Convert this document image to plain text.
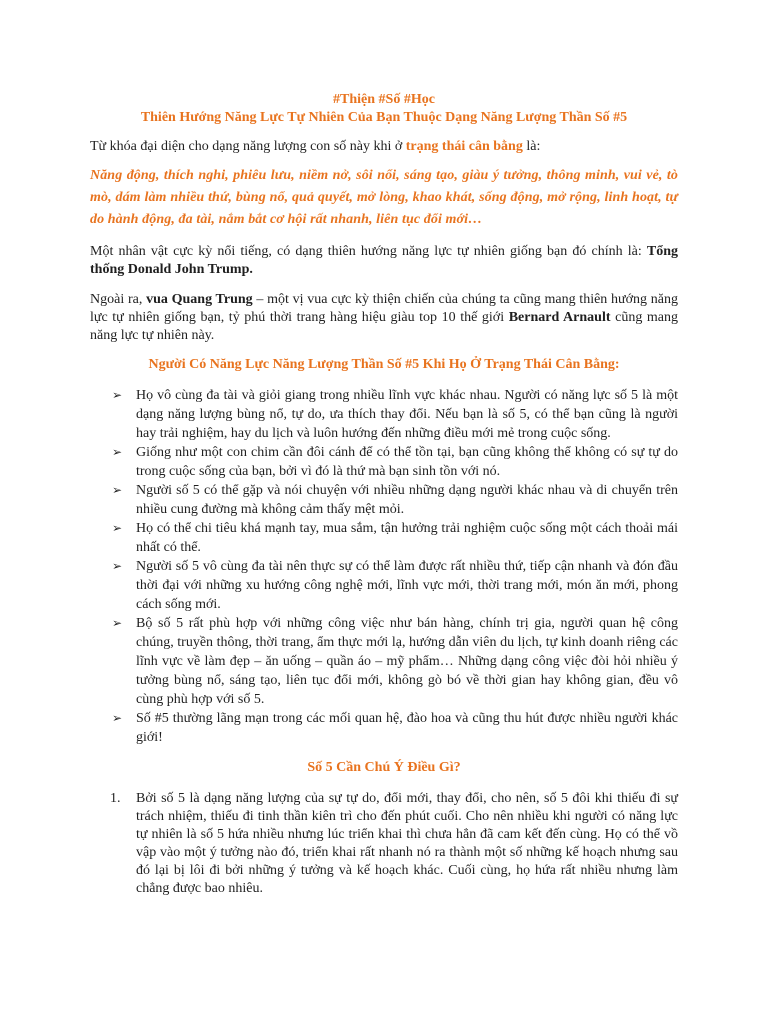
#Thiện #Số #Học
Thiên Hướng Năng Lực Tự Nhiên Của Bạn Thuộc Dạng Năng Lượng Thần Số #5

Từ khóa đại diện cho dạng năng lượng con số này khi ở trạng thái cân bằng là:

Năng động, thích nghi, phiêu lưu, niềm nở, sôi nổi, sáng tạo, giàu ý tưởng, thông minh, vui vẻ, tò mò, dám làm nhiều thứ, bùng nổ, quả quyết, mở lòng, khao khát, sống động, mở rộng, linh hoạt, tự do hành động, đa tài, nắm bắt cơ hội rất nhanh, liên tục đổi mới…

Một nhân vật cực kỳ nổi tiếng, có dạng thiên hướng năng lực tự nhiên giống bạn đó chính là: Tổng thống Donald John Trump.

Ngoài ra, vua Quang Trung – một vị vua cực kỳ thiện chiến của chúng ta cũng mang thiên hướng năng lực tự nhiên giống bạn, tỷ phú thời trang hàng hiệu giàu top 10 thế giới Bernard Arnault cũng mang năng lực tự nhiên này.

Người Có Năng Lực Năng Lượng Thần Số #5 Khi Họ Ở Trạng Thái Cân Bằng:
➢ Họ vô cùng đa tài và giỏi giang trong nhiều lĩnh vực khác nhau. Người có năng lực số 5 là một dạng năng lượng bùng nổ, tự do, ưa thích thay đổi. Nếu bạn là số 5, có thể bạn cũng là người hay trải nghiệm, hay du lịch và luôn hướng đến những điều mới mẻ trong cuộc sống.
➢ Giống như một con chim cần đôi cánh để có thể tồn tại, bạn cũng không thể không có sự tự do trong cuộc sống của bạn, bởi vì đó là thứ mà bạn sinh tồn với nó.
➢ Người số 5 có thể gặp và nói chuyện với nhiều những dạng người khác nhau và di chuyển trên nhiều cung đường mà không cảm thấy mệt mỏi.
➢ Họ có thể chi tiêu khá mạnh tay, mua sắm, tận hưởng trải nghiệm cuộc sống một cách thoải mái nhất có thể.
➢ Người số 5 vô cùng đa tài nên thực sự có thể làm được rất nhiều thứ, tiếp cận nhanh và đón đầu thời đại với những xu hướng công nghệ mới, lĩnh vực mới, thời trang mới, món ăn mới, phong cách sống mới.
➢ Bộ số 5 rất phù hợp với những công việc như bán hàng, chính trị gia, người quan hệ công chúng, truyền thông, thời trang, ẩm thực mới lạ, hướng dẫn viên du lịch, tự kinh doanh riêng các lĩnh vực về làm đẹp – ăn uống – quần áo – mỹ phẩm… Những dạng công việc đòi hỏi nhiều ý tưởng bùng nổ, sáng tạo, liên tục đổi mới, không gò bó về thời gian hay không gian, đều vô cùng phù hợp với số 5.
➢ Số #5 thường lãng mạn trong các mối quan hệ, đào hoa và cũng thu hút được nhiều người khác giới!
Số 5 Cần Chú Ý Điều Gì?
1. Bởi số 5 là dạng năng lượng của sự tự do, đổi mới, thay đổi, cho nên, số 5 đôi khi thiếu đi sự trách nhiệm, thiếu đi tinh thần kiên trì cho đến phút cuối. Cho nên nhiều khi người có năng lực tự nhiên là số 5 hứa nhiều nhưng lúc triển khai thì chưa hẳn đã cam kết đến cùng. Họ có thể vồ vập vào một ý tưởng nào đó, triển khai rất nhanh nó ra thành một số những kế hoạch nhưng sau đó lại bị lôi đi bởi những ý tưởng và kế hoạch khác. Cuối cùng, họ hứa rất nhiều nhưng làm chẳng được bao nhiêu.
